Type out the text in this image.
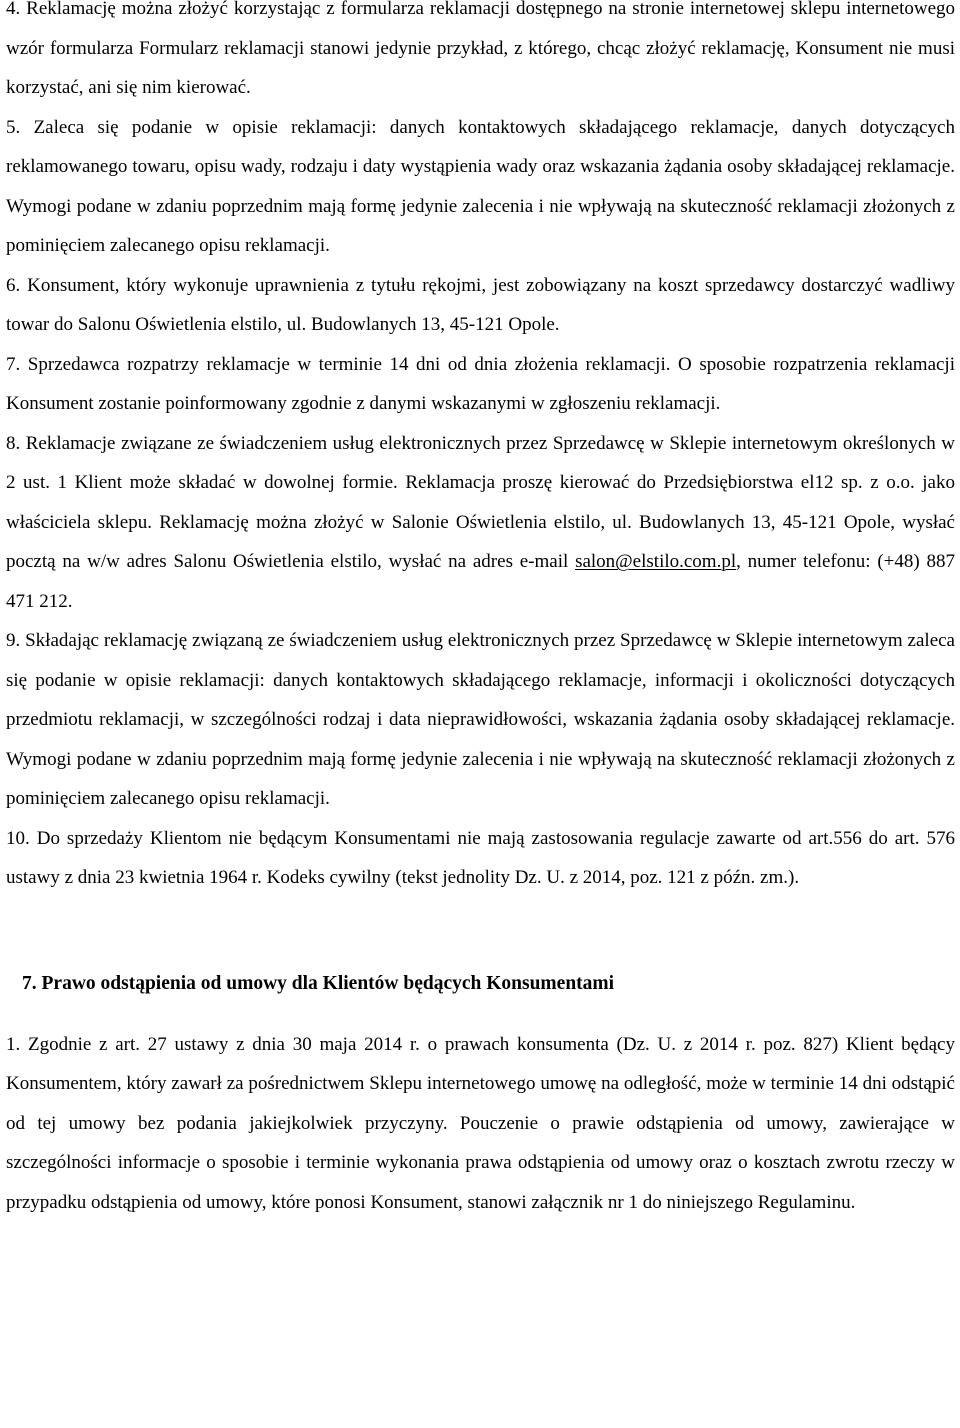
4. Reklamację można złożyć korzystając z formularza reklamacji dostępnego na stronie internetowej sklepu internetowego wzór formularza Formularz reklamacji stanowi jedynie przykład, z którego, chcąc złożyć reklamację, Konsument nie musi korzystać, ani się nim kierować.

5. Zaleca się podanie w opisie reklamacji: danych kontaktowych składającego reklamacje, danych dotyczących reklamowanego towaru, opisu wady, rodzaju i daty wystąpienia wady oraz wskazania żądania osoby składającej reklamacje. Wymogi podane w zdaniu poprzednim mają formę jedynie zalecenia i nie wpływają na skuteczność reklamacji złożonych z pominięciem zalecanego opisu reklamacji.

6. Konsument, który wykonuje uprawnienia z tytułu rękojmi, jest zobowiązany na koszt sprzedawcy dostarczyć wadliwy towar do Salonu Oświetlenia elstilo, ul. Budowlanych 13, 45-121 Opole.

7. Sprzedawca rozpatrzy reklamacje w terminie 14 dni od dnia złożenia reklamacji. O sposobie rozpatrzenia reklamacji Konsument zostanie poinformowany zgodnie z danymi wskazanymi w zgłoszeniu reklamacji.

8. Reklamacje związane ze świadczeniem usług elektronicznych przez Sprzedawcę w Sklepie internetowym określonych w 2 ust. 1 Klient może składać w dowolnej formie. Reklamacja proszę kierować do Przedsiębiorstwa el12 sp. z o.o. jako właściciela sklepu. Reklamację można złożyć w Salonie Oświetlenia elstilo, ul. Budowlanych 13, 45-121 Opole, wysłać pocztą na w/w adres Salonu Oświetlenia elstilo, wysłać na adres e-mail salon@elstilo.com.pl, numer telefonu: (+48) 887 471 212.

9. Składając reklamację związaną ze świadczeniem usług elektronicznych przez Sprzedawcę w Sklepie internetowym zaleca się podanie w opisie reklamacji: danych kontaktowych składającego reklamacje, informacji i okoliczności dotyczących przedmiotu reklamacji, w szczególności rodzaj i data nieprawidłowości, wskazania żądania osoby składającej reklamacje. Wymogi podane w zdaniu poprzednim mają formę jedynie zalecenia i nie wpływają na skuteczność reklamacji złożonych z pominięciem zalecanego opisu reklamacji.

10. Do sprzedaży Klientom nie będącym Konsumentami nie mają zastosowania regulacje zawarte od art.556 do art. 576 ustawy z dnia 23 kwietnia 1964 r. Kodeks cywilny (tekst jednolity Dz. U. z 2014, poz. 121 z późn. zm.).

7. Prawo odstąpienia od umowy dla Klientów będących Konsumentami

1. Zgodnie z art. 27 ustawy z dnia 30 maja 2014 r. o prawach konsumenta (Dz. U. z 2014 r. poz. 827) Klient będący Konsumentem, który zawarł za pośrednictwem Sklepu internetowego umowę na odległość, może w terminie 14 dni odstąpić od tej umowy bez podania jakiejkolwiek przyczyny. Pouczenie o prawie odstąpienia od umowy, zawierające w szczególności informacje o sposobie i terminie wykonania prawa odstąpienia od umowy oraz o kosztach zwrotu rzeczy w przypadku odstąpienia od umowy, które ponosi Konsument, stanowi załącznik nr 1 do niniejszego Regulaminu.
